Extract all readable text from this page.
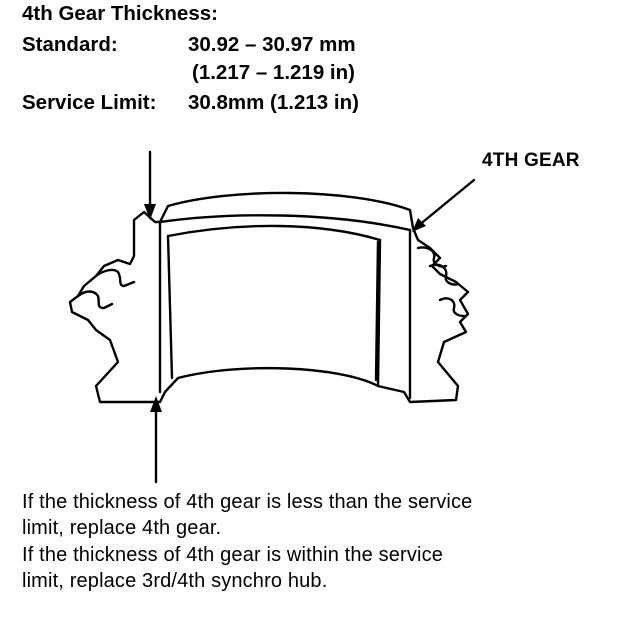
4th Gear Thickness:
Standard:	30.92 – 30.97 mm
(1.217 – 1.219 in)
Service Limit: 30.8mm (1.213 in)
4TH GEAR
If the thickness of 4th gear is less than the service
limit, replace 4th gear.
If the thickness of 4th gear is within the service
limit, replace 3rd/4th synchro hub.
